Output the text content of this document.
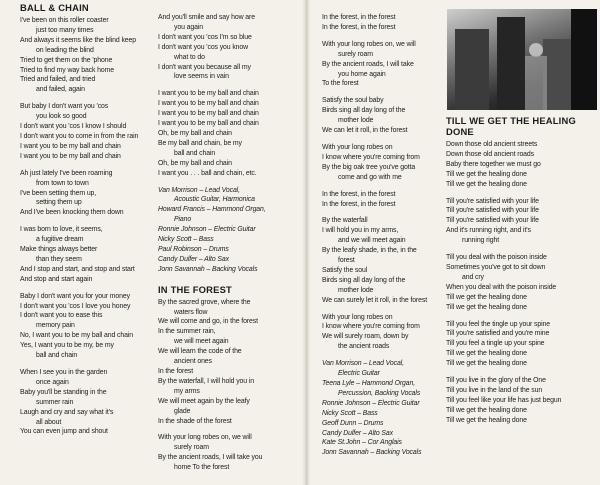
BALL & CHAIN
I've been on this roller coaster
just too many times
And always it seems like the blind keep
on leading the blind
Tried to get them on the 'phone
Tried to find my way back home
Tried and failed, and tried
and failed, again
But baby I don't want you 'cos
you look so good
I don't want you 'cos I know I should
I don't want you to come in from the rain
I want you to be my ball and chain
I want you to be my ball and chain
Ah just lately I've been roaming
from town to town
I've been setting them up,
setting them up
And I've been knocking them down
I was born to love, it seems,
a fugitive dream
Make things always better
than they seem
And I stop and start, and stop and start
And stop and start again
Baby I don't want you for your money
I don't want you 'cos I love you honey
I don't want you to ease this
memory pain
No, I want you to be my ball and chain
Yes, I want you to be my, be my
ball and chain
When I see you in the garden
once again
Baby you'll be standing in the
summer rain
Laugh and cry and say what it's
all about
You can even jump and shout
And you'll smile and say how are
you again
I don't want you 'cos I'm so blue
I don't want you 'cos you know
what to do
I don't want you because all my
love seems in vain
I want you to be my ball and chain
I want you to be my ball and chain
I want you to be my ball and chain
I want you to be my ball and chain
Oh, be my ball and chain
Be my ball and chain, be my
ball and chain
Oh, be my ball and chain
I want you . . . ball and chain, etc.
Van Morrison – Lead Vocal,
Acoustic Guitar, Harmonica
Howard Francis – Hammond Organ,
Piano
Ronnie Johnson – Electric Guitar
Nicky Scott – Bass
Paul Robinson – Drums
Candy Dulfer – Alto Sax
Jonn Savannah – Backing Vocals
IN THE FOREST
By the sacred grove, where the
waters flow
We will come and go, in the forest
In the summer rain,
we will meet again
We will learn the code of the
ancient ones
In the forest
By the waterfall, I will hold you in
my arms
We will meet again by the leafy
glade
In the shade of the forest
With your long robes on, we will
surely roam
By the ancient roads, I will take you
home To the forest
In the forest, in the forest
In the forest, in the forest
With your long robes on, we will
surely roam
By the ancient roads, I will take
you home again
To the forest
Satisfy the soul baby
Birds sing all day long of the
mother lode
We can let it roll, in the forest
With your long robes on
I know where you're coming from
By the big oak tree you've gotta
come and go with me
In the forest, in the forest
In the forest, in the forest
By the waterfall
I will hold you in my arms,
and we will meet again
By the leafy shade, in the, in the
forest
Satisfy the soul
Birds sing all day long of the
mother lode
We can surely let it roll, in the forest
With your long robes on
I know where you're coming from
We will surely roam, down by
the ancient roads
Van Morrison – Lead Vocal,
Electric Guitar
Teena Lyle – Hammond Organ,
Percussion, Backing Vocals
Ronnie Johnson – Electric Guitar
Nicky Scott – Bass
Geoff Dunn – Drums
Candy Dulfer – Alto Sax
Kate St.John – Cor Anglais
Jonn Savannah – Backing Vocals
TILL WE GET THE HEALING
DONE
Down those old ancient streets
Down those old ancient roads
Baby there together we must go
Till we get the healing done
Till we get the healing done
Till you're satisfied with your life
Till you're satisfied with your life
Till you're satisfied with your life
And it's running right, and it's
running right
Till you deal with the poison inside
Sometimes you've got to sit down
and cry
When you deal with the poison inside
Till we get the healing done
Till we get the healing done
Till you feel the tingle up your spine
Till you're satisfied and you're mine
Till you feel a tingle up your spine
Till we get the healing done
Till we get the healing done
Till you live in the glory of the One
Till you live in the land of the sun
Till you feel like your life has just begun
Till we get the healing done
Till we get the healing done
